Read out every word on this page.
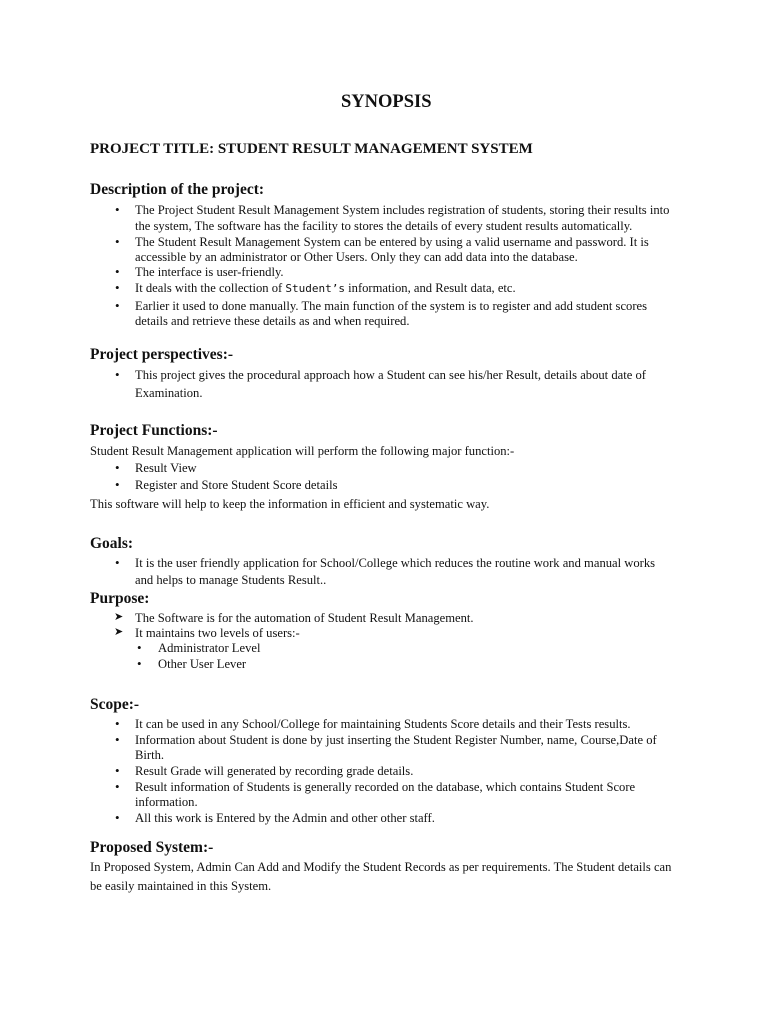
SYNOPSIS
PROJECT TITLE: STUDENT RESULT MANAGEMENT SYSTEM
Description of the project:
• The Project Student Result Management System includes registration of students, storing their results into
the system, The software has the facility to stores the details of every student results automatically.
• The Student Result Management System can be entered by using a valid username and password. It is
accessible by an administrator or Other Users. Only they can add data into the database.
• The interface is user-friendly.
• It deals with the collection of Student’s information, and Result data, etc.
• Earlier it used to done manually. The main function of the system is to register and add student scores
details and retrieve these details as and when required.
Project perspectives:-
• This project gives the procedural approach how a Student can see his/her Result, details about date of
Examination.
Project Functions:-
Student Result Management application will perform the following major function:-
• Result View
• Register and Store Student Score details
This software will help to keep the information in efficient and systematic way.
Goals:
• It is the user friendly application for School/College which reduces the routine work and manual works
and helps to manage Students Result..
Purpose:
➤ The Software is for the automation of Student Result Management.
➤ It maintains two levels of users:-
• Administrator Level
• Other User Lever
Scope:-
• It can be used in any School/College for maintaining Students Score details and their Tests results.
• Information about Student is done by just inserting the Student Register Number, name, Course,Date of
Birth.
• Result Grade will generated by recording grade details.
• Result information of Students is generally recorded on the database, which contains Student Score
information.
• All this work is Entered by the Admin and other other staff.
Proposed System:-
In Proposed System, Admin Can Add and Modify the Student Records as per requirements. The Student details can
be easily maintained in this System.
